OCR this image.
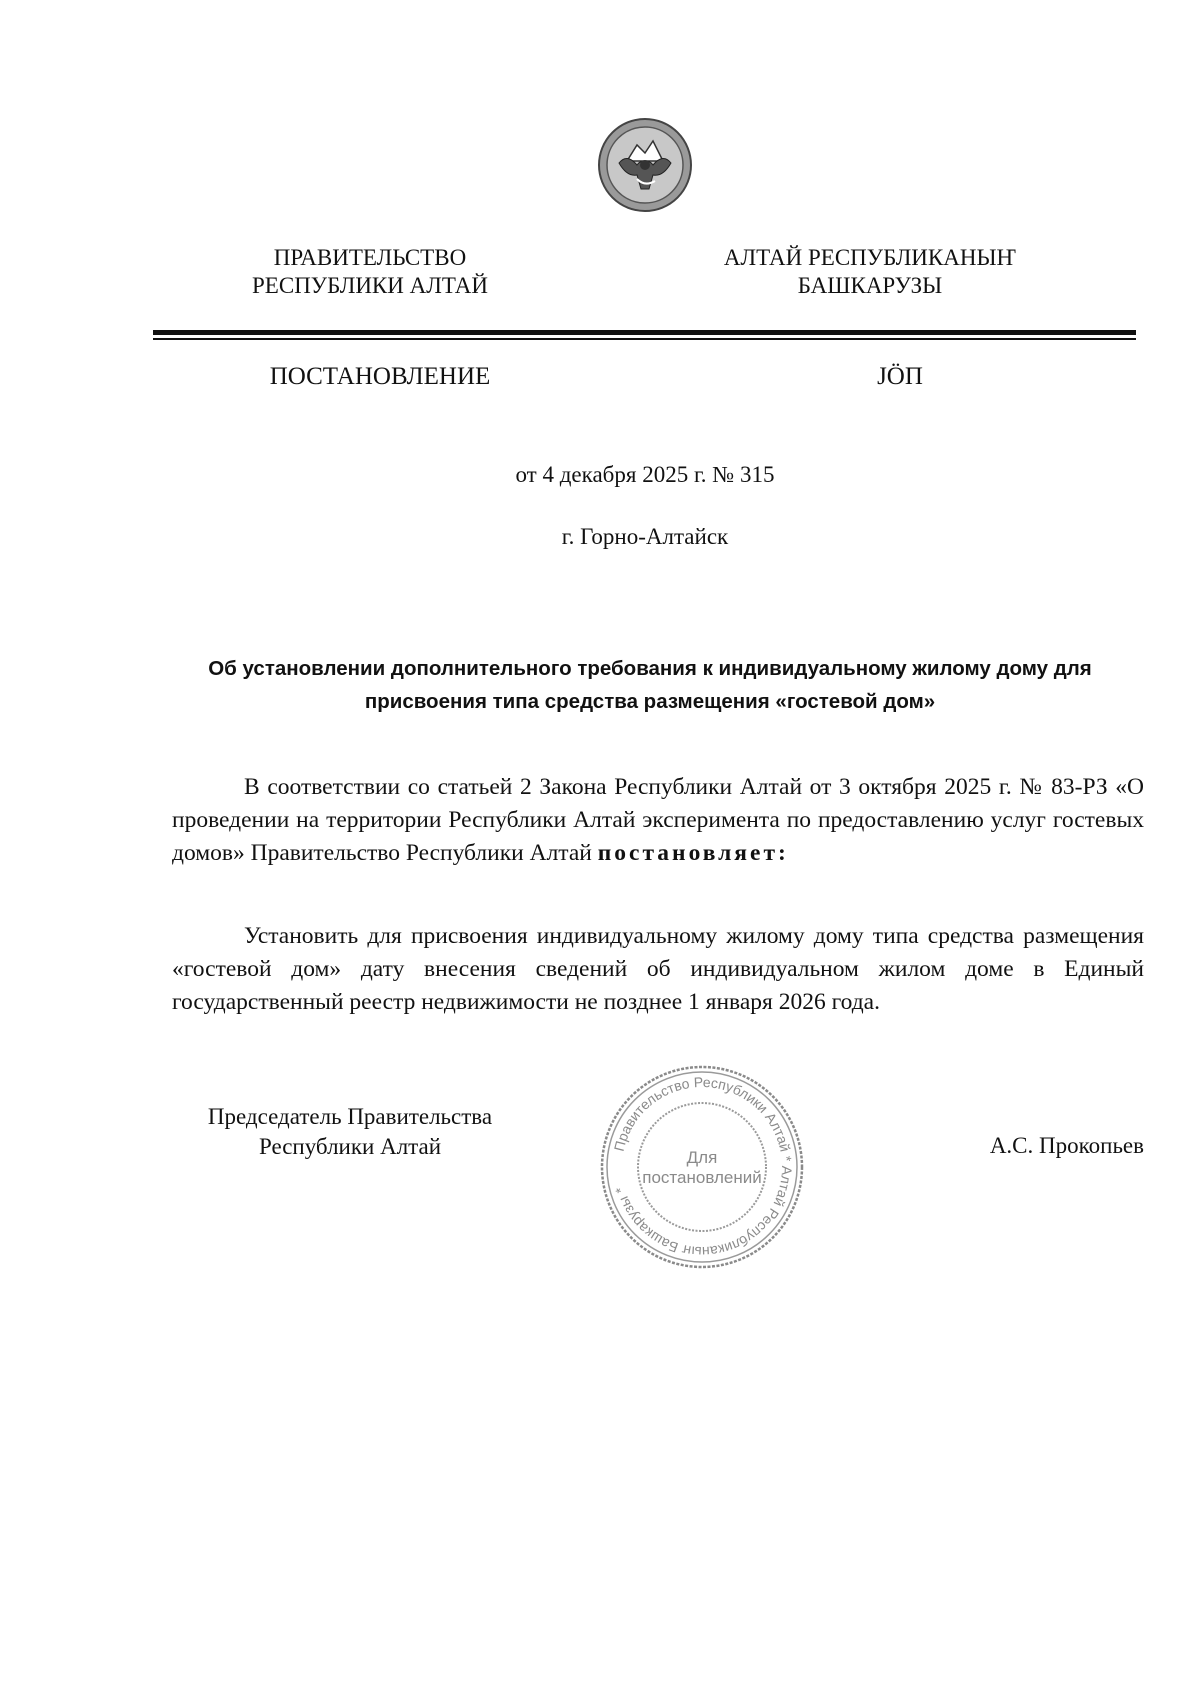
ПРАВИТЕЛЬСТВО
РЕСПУБЛИКИ АЛТАЙ
АЛТАЙ РЕСПУБЛИКАНЫҤ
БАШКАРУЗЫ
ПОСТАНОВЛЕНИЕ	JӦП
от 4 декабря 2025 г. № 315
г. Горно-Алтайск
Об установлении дополнительного требования к индивидуальному жилому дому для
присвоения типа средства размещения «гостевой дом»
В соответствии со статьей 2 Закона Республики Алтай от 3 октября 2025 г. № 83-РЗ «О проведении на территории Республики Алтай эксперимента по предоставлению услуг гостевых домов» Правительство Республики Алтай постановляет:
Установить для присвоения индивидуальному жилому дому типа средства размещения «гостевой дом» дату внесения сведений об индивидуальном жилом доме в Единый государственный реестр недвижимости не позднее 1 января 2026 года.
Председатель Правительства
Республики Алтай	Правительство Республики Алтай * Алтай Республиканыҥ Башкарузы *
Для
постановлений
А.С. Прокопьев
